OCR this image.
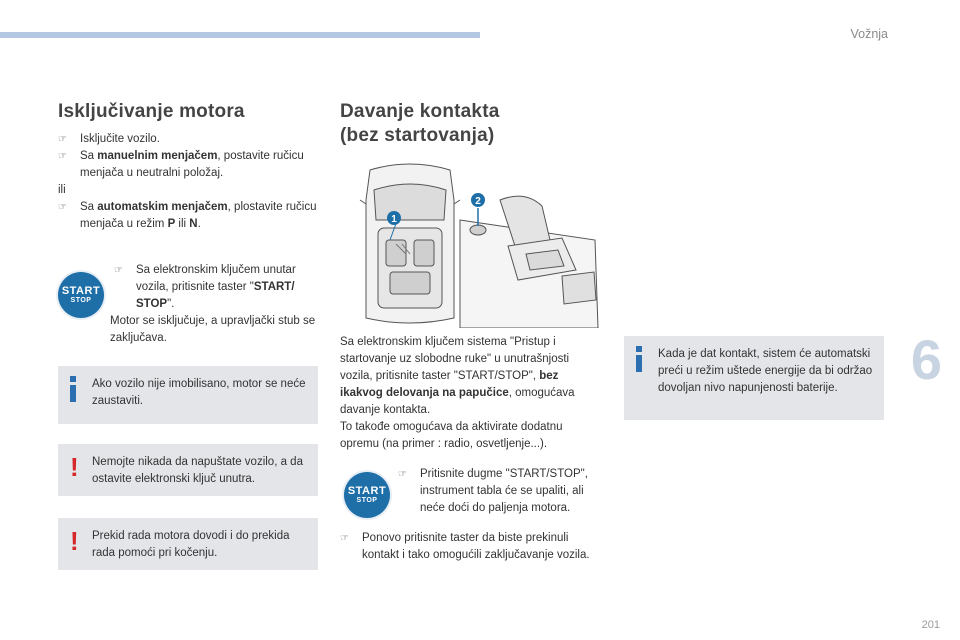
Vožnja
6
201
Isključivanje motora
☞ Isključite vozilo.
☞ Sa manuelnim menjačem, postavite ručicu menjača u neutralni položaj.
ili
☞ Sa automatskim menjačem, plostavite ručicu menjača u režim P ili N.
START
STOP
☞ Sa elektronskim ključem unutar vozila, pritisnite taster "START/ STOP".
Motor se isključuje, a upravljački stub se zaključava.
Ako vozilo nije imobilisano, motor se neće zaustaviti.
! Nemojte nikada da napuštate vozilo, a da ostavite elektronski ključ unutra.
! Prekid rada motora dovodi i do prekida rada pomoći pri kočenju.
Davanje kontakta
(bez startovanja)
1
2
Sa elektronskim ključem sistema "Pristup i startovanje uz slobodne ruke" u unutrašnjosti vozila, pritisnite taster "START/STOP", bez ikakvog delovanja na papučice, omogućava davanje kontakta.
To takođe omogućava da aktivirate dodatnu opremu (na primer : radio, osvetljenje...).
START
STOP
☞ Pritisnite dugme "START/STOP", instrument tabla će se upaliti, ali neće doći do paljenja motora.
☞ Ponovo pritisnite taster da biste prekinuli kontakt i tako omogućili zaključavanje vozila.
Kada je dat kontakt, sistem će automatski preći u režim uštede energije da bi održao dovoljan nivo napunjenosti baterije.
